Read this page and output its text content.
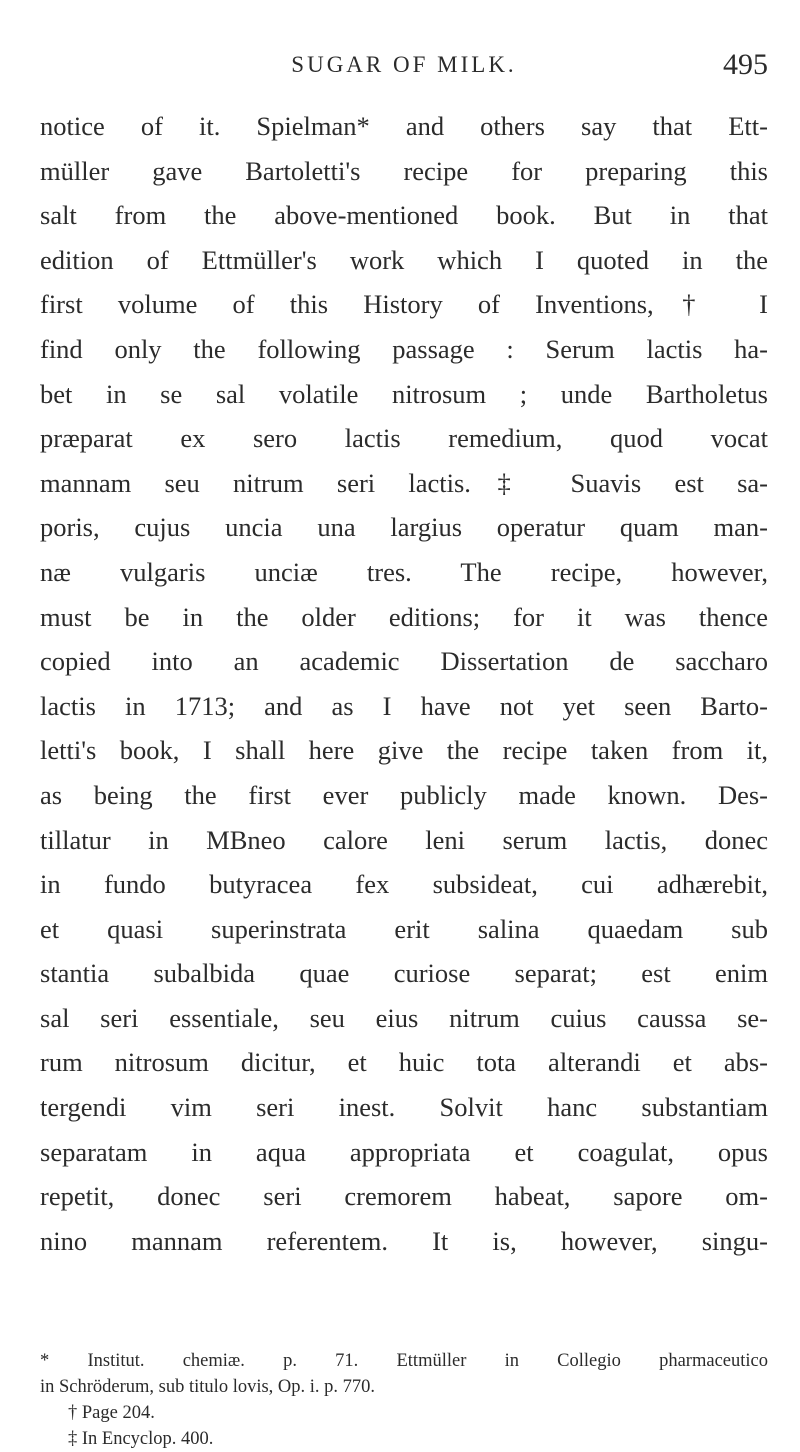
SUGAR OF MILK.	495
notice of it. Spielman* and others say that Ett-
müller gave Bartoletti's recipe for preparing this
salt from the above-mentioned book. But in that
edition of Ettmüller's work which I quoted in the
first volume of this History of Inventions,† I
find only the following passage : Serum lactis ha-
bet in se sal volatile nitrosum ; unde Bartholetus
præparat ex sero lactis remedium, quod vocat
mannam seu nitrum seri lactis.‡ Suavis est sa-
poris, cujus uncia una largius operatur quam man-
næ vulgaris unciæ tres. The recipe, however,
must be in the older editions; for it was thence
copied into an academic Dissertation de saccharo
lactis in 1713; and as I have not yet seen Barto-
letti's book, I shall here give the recipe taken from it,
as being the first ever publicly made known. Des-
tillatur in MBneo calore leni serum lactis, donec
in fundo butyracea fex subsideat, cui adhærebit,
et quasi superinstrata erit salina quaedam sub
stantia subalbida quae curiose separat; est enim
sal seri essentiale, seu eius nitrum cuius caussa se-
rum nitrosum dicitur, et huic tota alterandi et abs-
tergendi vim seri inest. Solvit hanc substantiam
separatam in aqua appropriata et coagulat, opus
repetit, donec seri cremorem habeat, sapore om-
nino mannam referentem. It is, however, singu-
* Institut. chemiæ. p. 71. Ettmüller in Collegio pharmaceutico
in Schröderum, sub titulo lovis, Op. i. p. 770.
† Page 204.
‡ In Encyclop. 400.
